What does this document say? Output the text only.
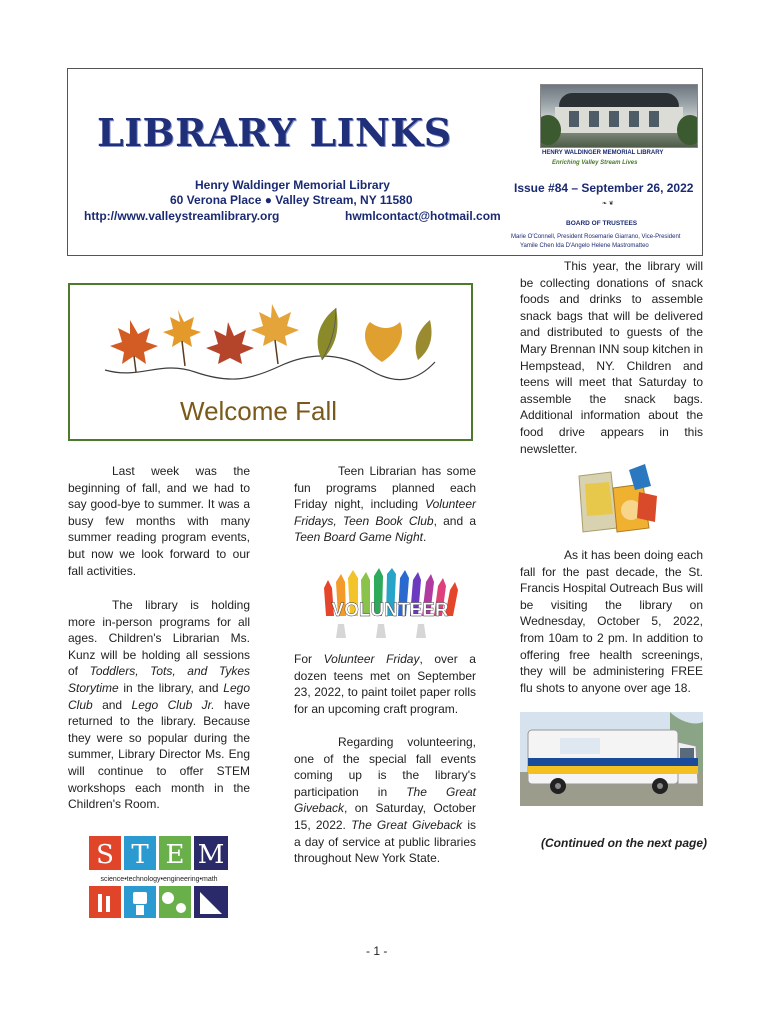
LIBRARY LINKS
Henry Waldinger Memorial Library
60 Verona Place ● Valley Stream, NY 11580
http://www.valleystreamlibrary.org	hwmlcontact@hotmail.com
HENRY WALDINGER MEMORIAL LIBRARY
Enriching Valley Stream Lives
Issue #84 – September 26, 2022
❧ ❦
BOARD OF TRUSTEES
Marie O'Connell, President Rosemarie Giarrano, Vice-President
Yamile Chen Ida D'Angelo Helene Mastromatteo
Welcome Fall

Last week was the beginning of fall, and we had to say good-bye to summer. It was a busy few months with many summer reading program events, but now we look forward to our fall activities.

The library is holding more in-person programs for all ages. Children's Librarian Ms. Kunz will be holding all sessions of Toddlers, Tots, and Tykes Storytime in the library, and Lego Club and Lego Club Jr. have returned to the library. Because they were so popular during the summer, Library Director Ms. Eng will continue to offer STEM workshops each month in the Children's Room.

S T E M
science•technology•engineering•math

Teen Librarian has some fun programs planned each Friday night, including Volunteer Fridays, Teen Book Club, and a Teen Board Game Night.

VOLUNTEER

For Volunteer Friday, over a dozen teens met on September 23, 2022, to paint toilet paper rolls for an upcoming craft program.

Regarding volunteering, one of the special fall events coming up is the library's participation in The Great Giveback, on Saturday, October 15, 2022. The Great Giveback is a day of service at public libraries throughout New York State.

This year, the library will be collecting donations of snack foods and drinks to assemble snack bags that will be delivered and distributed to guests of the Mary Brennan INN soup kitchen in Hempstead, NY. Children and teens will meet that Saturday to assemble the snack bags. Additional information about the food drive appears in this newsletter.

As it has been doing each fall for the past decade, the St. Francis Hospital Outreach Bus will be visiting the library on Wednesday, October 5, 2022, from 10am to 2 pm. In addition to offering free health screenings, they will be administering FREE flu shots to anyone over age 18.

(Continued on the next page)
- 1 -
